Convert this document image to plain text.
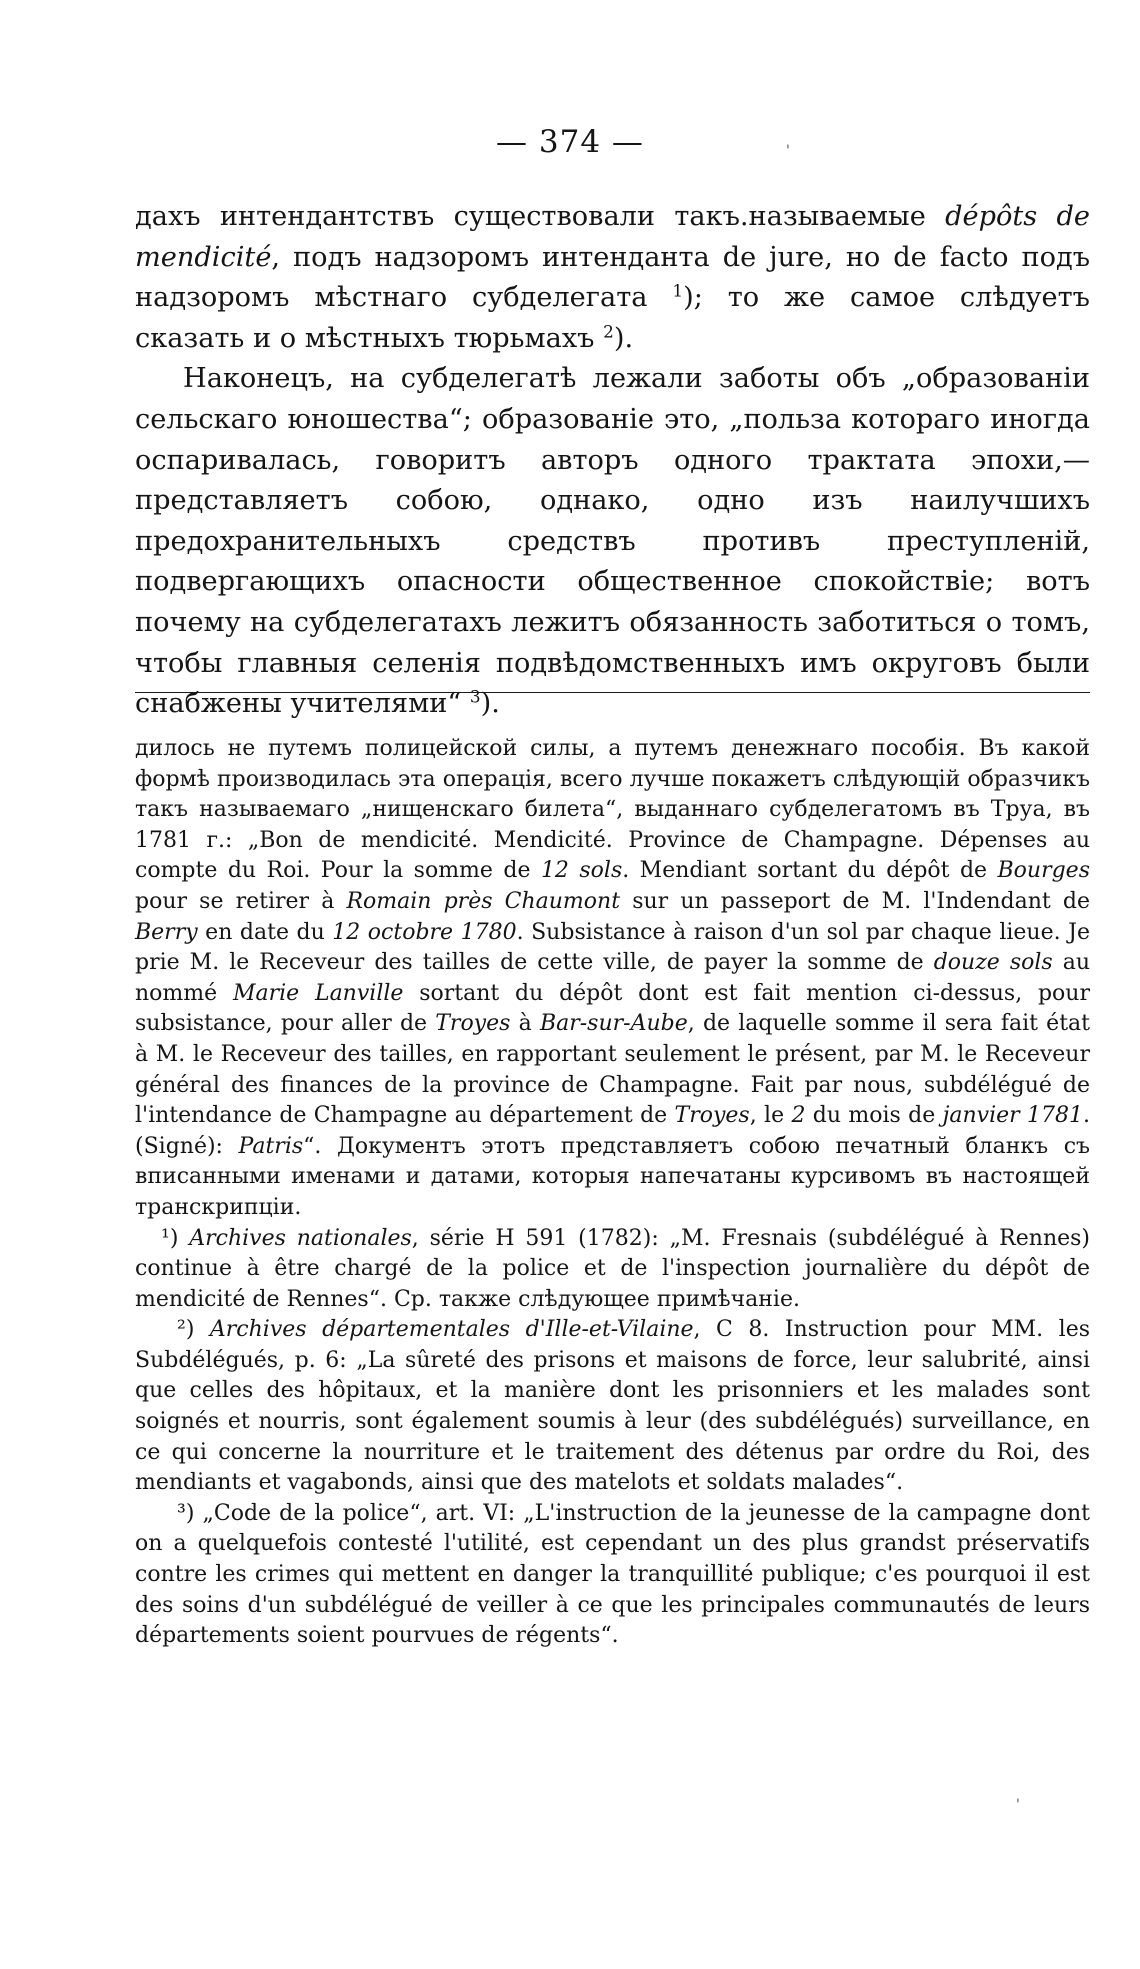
— 374 —	'

дахъ интендантствъ существовали такъ.называемые dépôts de mendicité, подъ надзоромъ интенданта de jure, но de facto подъ надзоромъ мѣстнаго субделегата $^1$); то же самое слѣдуетъ сказать и о мѣстныхъ тюрьмахъ $^2$).

Наконецъ, на субделегатѣ лежали заботы объ „образованіи сельскаго юношества“; образованіе это, „польза котораго иногда оспаривалась, говоритъ авторъ одного трактата эпохи,—представляетъ собою, однако, одно изъ наилучшихъ предохранительныхъ средствъ противъ преступленій, подвергающихъ опасности общественное спокойствіе; вотъ почему на субделегатахъ лежитъ обязанность заботиться о томъ, чтобы главныя селенія подвѣдомственныхъ имъ округовъ были снабжены учителями“ $^3$).

дилось не путемъ полицейской силы, а путемъ денежнаго пособія. Въ какой формѣ производилась эта операція, всего лучше покажетъ слѣдующій образчикъ такъ называемаго „нищенскаго билета“, выданнаго субделегатомъ въ Труа, въ 1781 г.: „Bon de mendicité. Mendicité. Province de Champagne. Dépenses au compte du Roi. Pour la somme de 12 sols. Mendiant sortant du dépôt de Bourges pour se retirer à Romain près Chaumont sur un passeport de M. l'Indendant de Berry en date du 12 octobre 1780. Subsistance à raison d'un sol par chaque lieue. Je prie M. le Receveur des tailles de cette ville, de payer la somme de douze sols au nommé Marie Lanville sortant du dépôt dont est fait mention ci-dessus, pour subsistance, pour aller de Troyes à Bar-sur-Aube, de laquelle somme il sera fait état à M. le Receveur des tailles, en rapportant seulement le présent, par M. le Receveur général des finances de la province de Champagne. Fait par nous, subdélégué de l'intendance de Champagne au département de Troyes, le 2 du mois de janvier 1781. (Signé): Patris“. Документъ этотъ представляетъ собою печатный бланкъ съ вписанными именами и датами, которыя напечатаны курсивомъ въ настоящей транскрипціи.

¹) Archives nationales, série H 591 (1782): „M. Fresnais (subdélégué à Rennes) continue à être chargé de la police et de l'inspection journalière du dépôt de mendicité de Rennes“. Ср. также слѣдующее примѣчаніе.

²) Archives départementales d'Ille-et-Vilaine, C 8. Instruction pour MM. les Subdélégués, p. 6: „La sûreté des prisons et maisons de force, leur salubrité, ainsi que celles des hôpitaux, et la manière dont les prisonniers et les malades sont soignés et nourris, sont également soumis à leur (des subdélégués) surveillance, en ce qui concerne la nourriture et le traitement des détenus par ordre du Roi, des mendiants et vagabonds, ainsi que des matelots et soldats malades“.

³) „Code de la police“, art. VI: „L'instruction de la jeunesse de la campagne dont on a quelquefois contesté l'utilité, est cependant un des plus grandst préservatifs contre les crimes qui mettent en danger la tranquillité publique; c'es pourquoi il est des soins d'un subdélégué de veiller à ce que les principales communautés de leurs départements soient pourvues de régents“.

'
